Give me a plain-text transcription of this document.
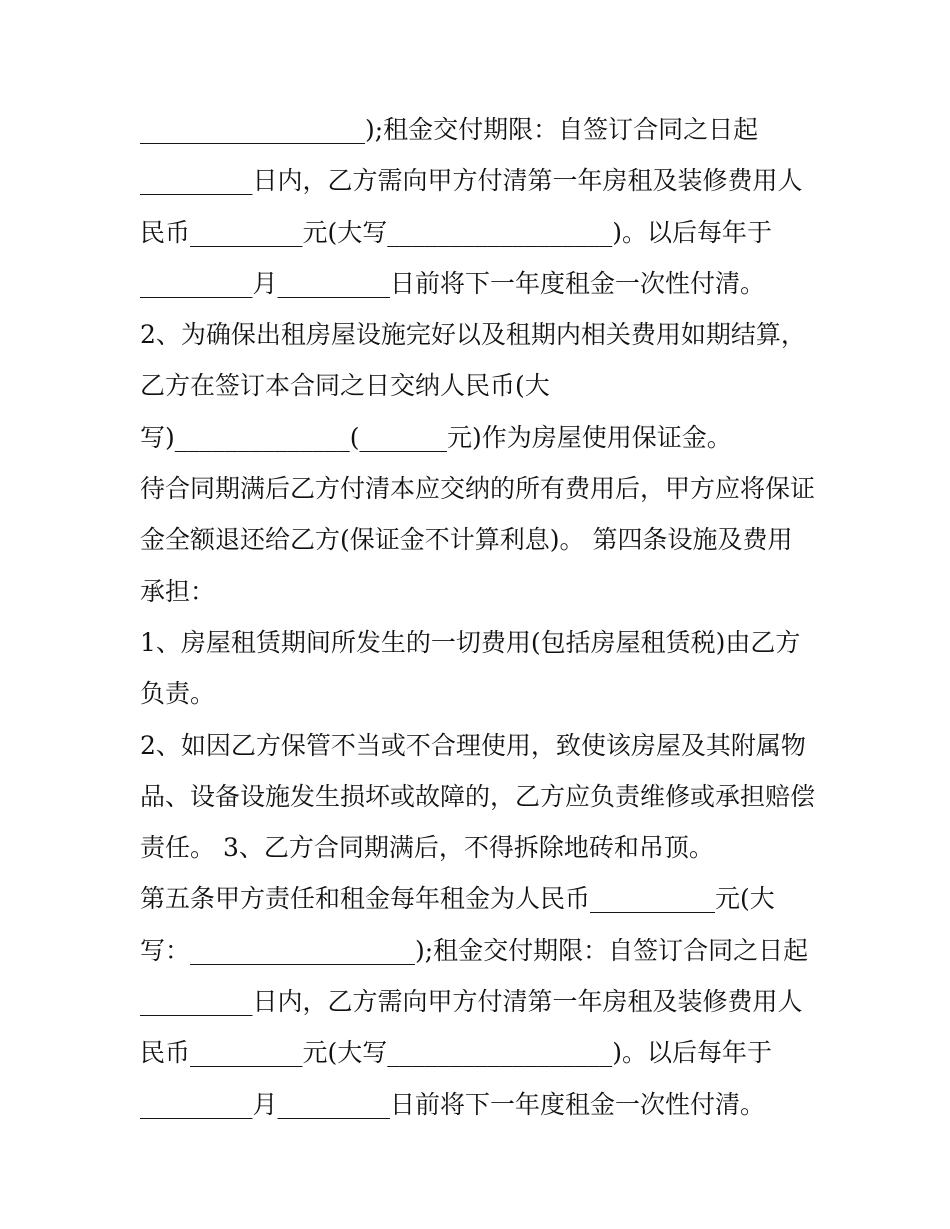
__________________);租金交付期限：自签订合同之日起
_________日内，乙方需向甲方付清第一年房租及装修费用人
民币_________元(大写__________________)。以后每年于
_________月_________日前将下一年度租金一次性付清。
2、为确保出租房屋设施完好以及租期内相关费用如期结算，
乙方在签订本合同之日交纳人民币(大
写)______________(_______元)作为房屋使用保证金。
待合同期满后乙方付清本应交纳的所有费用后，甲方应将保证
金全额退还给乙方(保证金不计算利息)。 第四条设施及费用
承担：
1、房屋租赁期间所发生的一切费用(包括房屋租赁税)由乙方
负责。
2、如因乙方保管不当或不合理使用，致使该房屋及其附属物
品、设备设施发生损坏或故障的，乙方应负责维修或承担赔偿
责任。 3、乙方合同期满后，不得拆除地砖和吊顶。
第五条甲方责任和租金每年租金为人民币__________元(大
写：__________________);租金交付期限：自签订合同之日起
_________日内，乙方需向甲方付清第一年房租及装修费用人
民币_________元(大写__________________)。以后每年于
_________月_________日前将下一年度租金一次性付清。
